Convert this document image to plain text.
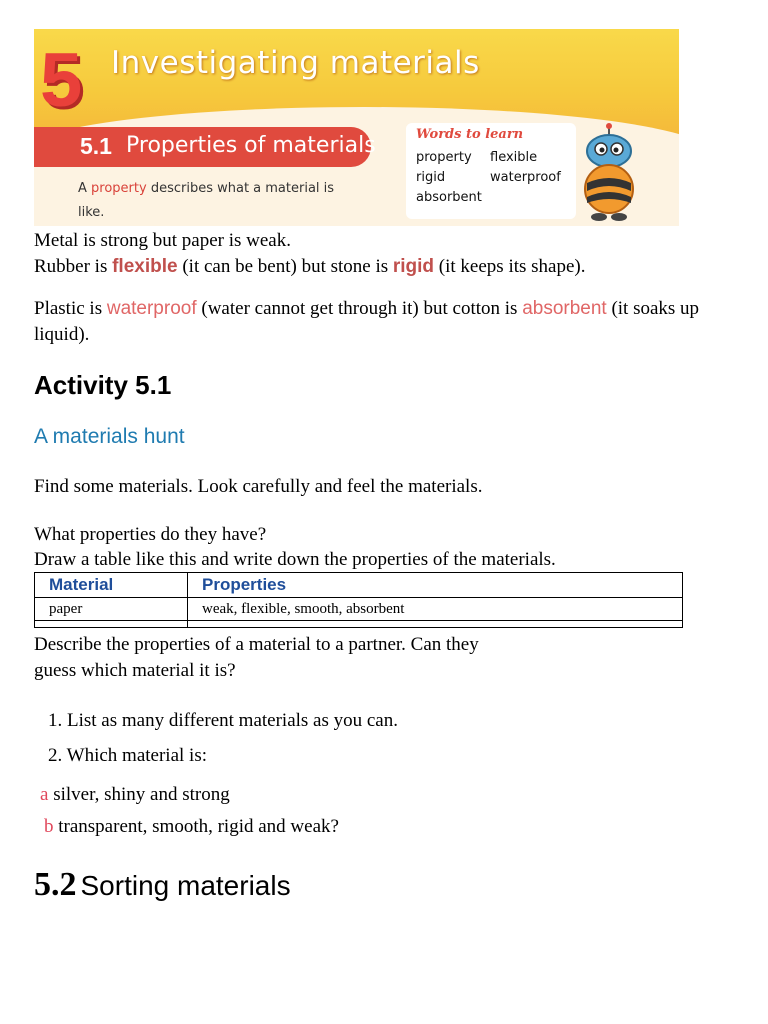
5 Investigating materials
5.1 Properties of materials
A property describes what a material is like.
Words to learn
property flexible
rigid	waterproof
absorbent
Metal is strong but paper is weak.
Rubber is flexible (it can be bent) but stone is rigid (it keeps its shape).
Plastic is waterproof (water cannot get through it) but cotton is absorbent (it soaks up liquid).
Activity 5.1
A materials hunt
Find some materials. Look carefully and feel the materials.
What properties do they have?
Draw a table like this and write down the properties of the materials.
Material	Properties
paper	weak, flexible, smooth, absorbent

Describe the properties of a material to a partner. Can they guess which material it is?
1. List as many different materials as you can.
2. Which material is:
a silver, shiny and strong
b transparent, smooth, rigid and weak?
5.2 Sorting materials
